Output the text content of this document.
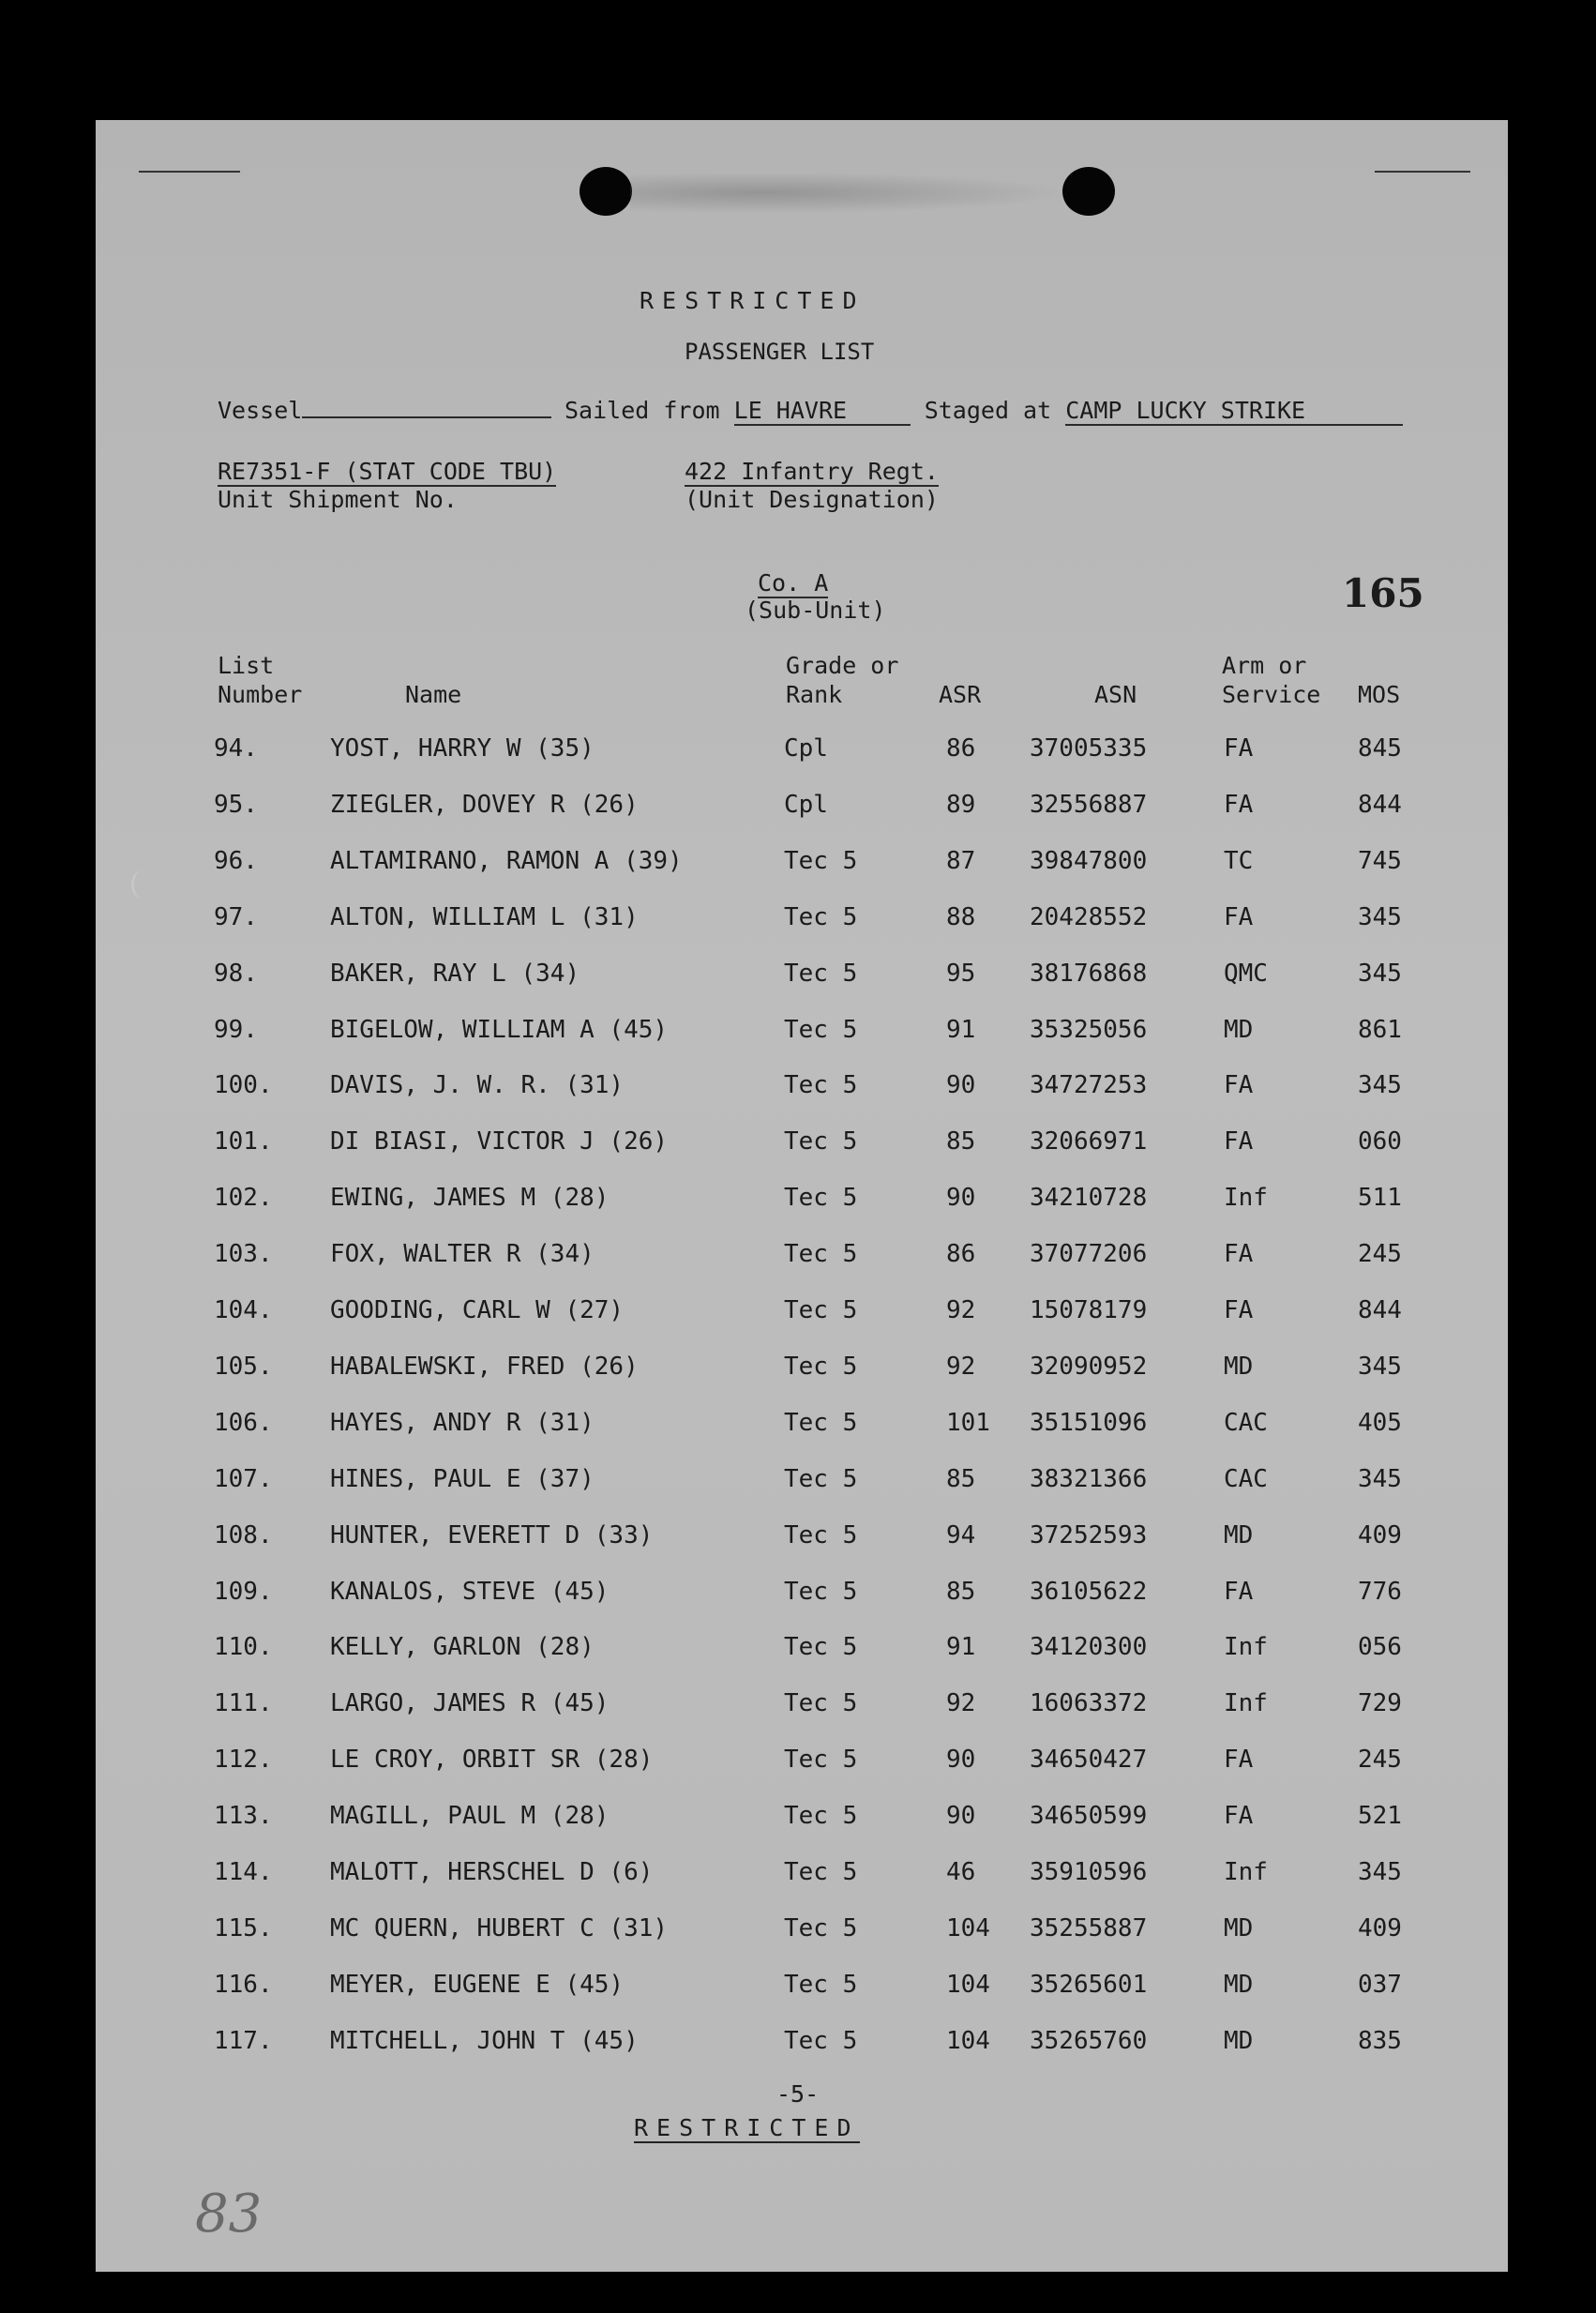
RESTRICTED
PASSENGER LIST
Vessel	Sailed from LE HAVRE	Staged at CAMP LUCKY STRIKE
RE7351-F (STAT CODE TBU)
Unit Shipment No.
422 Infantry Regt.
(Unit Designation)
Co. A
(Sub-Unit)	165
List
Number	Name
Grade or
Rank	ASR	ASN
Arm or
Service MOS
94.	YOST, HARRY W (35)	Cpl	86 37005335	FA	845
95.	ZIEGLER, DOVEY R (26)	Cpl	89 32556887	FA	844
96.	ALTAMIRANO, RAMON A (39)	Tec 5	87 39847800	TC	745
97.	ALTON, WILLIAM L (31)	Tec 5	88 20428552	FA	345
98.	BAKER, RAY L (34)	Tec 5	95 38176868	QMC	345
99.	BIGELOW, WILLIAM A (45)	Tec 5	91 35325056	MD	861
100. DAVIS, J. W. R. (31)	Tec 5	90 34727253	FA	345
101. DI BIASI, VICTOR J (26)	Tec 5	85 32066971	FA	060
102. EWING, JAMES M (28)	Tec 5	90 34210728	Inf	511
103. FOX, WALTER R (34)	Tec 5	86 37077206	FA	245
104. GOODING, CARL W (27)	Tec 5	92 15078179	FA	844
105. HABALEWSKI, FRED (26)	Tec 5	92 32090952	MD	345
106. HAYES, ANDY R (31)	Tec 5	101 35151096	CAC	405
107. HINES, PAUL E (37)	Tec 5	85 38321366	CAC	345
108. HUNTER, EVERETT D (33)	Tec 5	94 37252593	MD	409
109. KANALOS, STEVE (45)	Tec 5	85 36105622	FA	776
110. KELLY, GARLON (28)	Tec 5	91 34120300	Inf	056
111. LARGO, JAMES R (45)	Tec 5	92 16063372	Inf	729
112. LE CROY, ORBIT SR (28)	Tec 5	90 34650427	FA	245
113. MAGILL, PAUL M (28)	Tec 5	90 34650599	FA	521
114. MALOTT, HERSCHEL D (6)	Tec 5	46 35910596	Inf	345
115. MC QUERN, HUBERT C (31)	Tec 5	104 35255887	MD	409
116. MEYER, EUGENE E (45)	Tec 5	104 35265601	MD	037
117. MITCHELL, JOHN T (45)	Tec 5	104 35265760	MD	835
-5-
RESTRICTED
83
